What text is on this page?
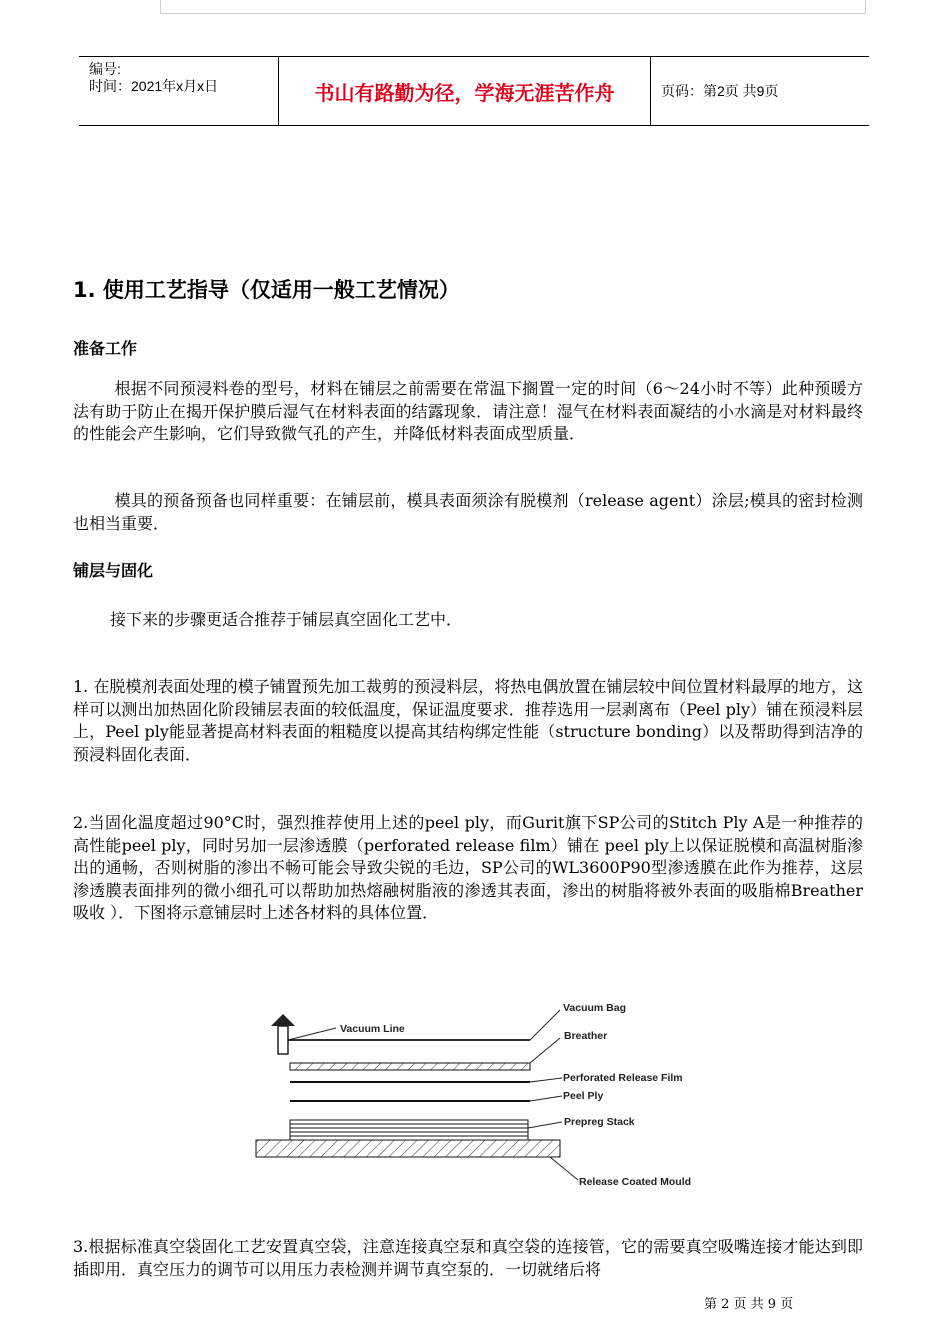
编号:
时间：2021年x月x日	书山有路勤为径，学海无涯苦作舟	页码：第2页 共9页
1. 使用工艺指导（仅适用一般工艺情况）
准备工作
根据不同预浸料卷的型号，材料在铺层之前需要在常温下搁置一定的时间（6～24小时不等）此种预暖方法有助于防止在揭开保护膜后湿气在材料表面的结露现象．请注意！湿气在材料表面凝结的小水滴是对材料最终的性能会产生影响，它们导致微气孔的产生，并降低材料表面成型质量．
模具的预备预备也同样重要：在铺层前，模具表面须涂有脱模剂（release agent）涂层;模具的密封检测也相当重要．
铺层与固化
接下来的步骤更适合推荐于铺层真空固化工艺中．
1. 在脱模剂表面处理的模子铺置预先加工裁剪的预浸料层，将热电偶放置在铺层较中间位置材料最厚的地方，这样可以测出加热固化阶段铺层表面的较低温度，保证温度要求．推荐选用一层剥离布（Peel ply）铺在预浸料层上，Peel ply能显著提高材料表面的粗糙度以提高其结构绑定性能（structure bonding）以及帮助得到洁净的预浸料固化表面．
2.当固化温度超过90°C时，强烈推荐使用上述的peel ply，而Gurit旗下SP公司的Stitch Ply A是一种推荐的高性能peel ply，同时另加一层渗透膜（perforated release film）铺在 peel ply上以保证脱模和高温树脂渗出的通畅，否则树脂的渗出不畅可能会导致尖锐的毛边，SP公司的WL3600P90型渗透膜在此作为推荐，这层渗透膜表面排列的微小细孔可以帮助加热熔融树脂液的渗透其表面，渗出的树脂将被外表面的吸脂棉Breather吸收 ）．下图将示意铺层时上述各材料的具体位置．
Vacuum Bag
Vacuum Line
Breather
Perforated Release Film
Peel Ply
Prepreg Stack
Release Coated Mould
3.根据标准真空袋固化工艺安置真空袋，注意连接真空泵和真空袋的连接管，它的需要真空吸嘴连接才能达到即插即用．真空压力的调节可以用压力表检测并调节真空泵的．一切就绪后将
第 2 页 共 9 页
